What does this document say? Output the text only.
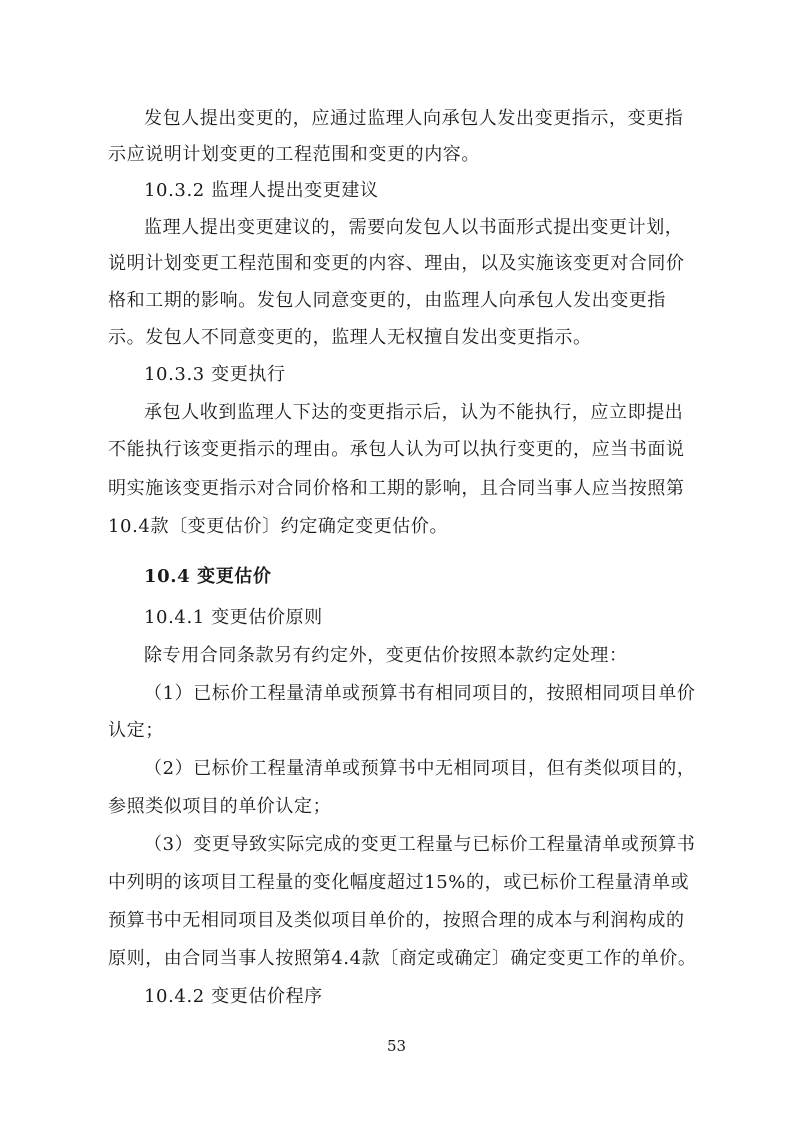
发包人提出变更的，应通过监理人向承包人发出变更指示，变更指
示应说明计划变更的工程范围和变更的内容。
10.3.2 监理人提出变更建议
监理人提出变更建议的，需要向发包人以书面形式提出变更计划，
说明计划变更工程范围和变更的内容、理由，以及实施该变更对合同价
格和工期的影响。发包人同意变更的，由监理人向承包人发出变更指
示。发包人不同意变更的，监理人无权擅自发出变更指示。
10.3.3 变更执行
承包人收到监理人下达的变更指示后，认为不能执行，应立即提出
不能执行该变更指示的理由。承包人认为可以执行变更的，应当书面说
明实施该变更指示对合同价格和工期的影响，且合同当事人应当按照第
10.4款〔变更估价〕约定确定变更估价。
10.4 变更估价
10.4.1 变更估价原则
除专用合同条款另有约定外，变更估价按照本款约定处理：
（1）已标价工程量清单或预算书有相同项目的，按照相同项目单价
认定；
（2）已标价工程量清单或预算书中无相同项目，但有类似项目的，
参照类似项目的单价认定；
（3）变更导致实际完成的变更工程量与已标价工程量清单或预算书
中列明的该项目工程量的变化幅度超过15%的，或已标价工程量清单或
预算书中无相同项目及类似项目单价的，按照合理的成本与利润构成的
原则，由合同当事人按照第4.4款〔商定或确定〕确定变更工作的单价。
10.4.2 变更估价程序
53
